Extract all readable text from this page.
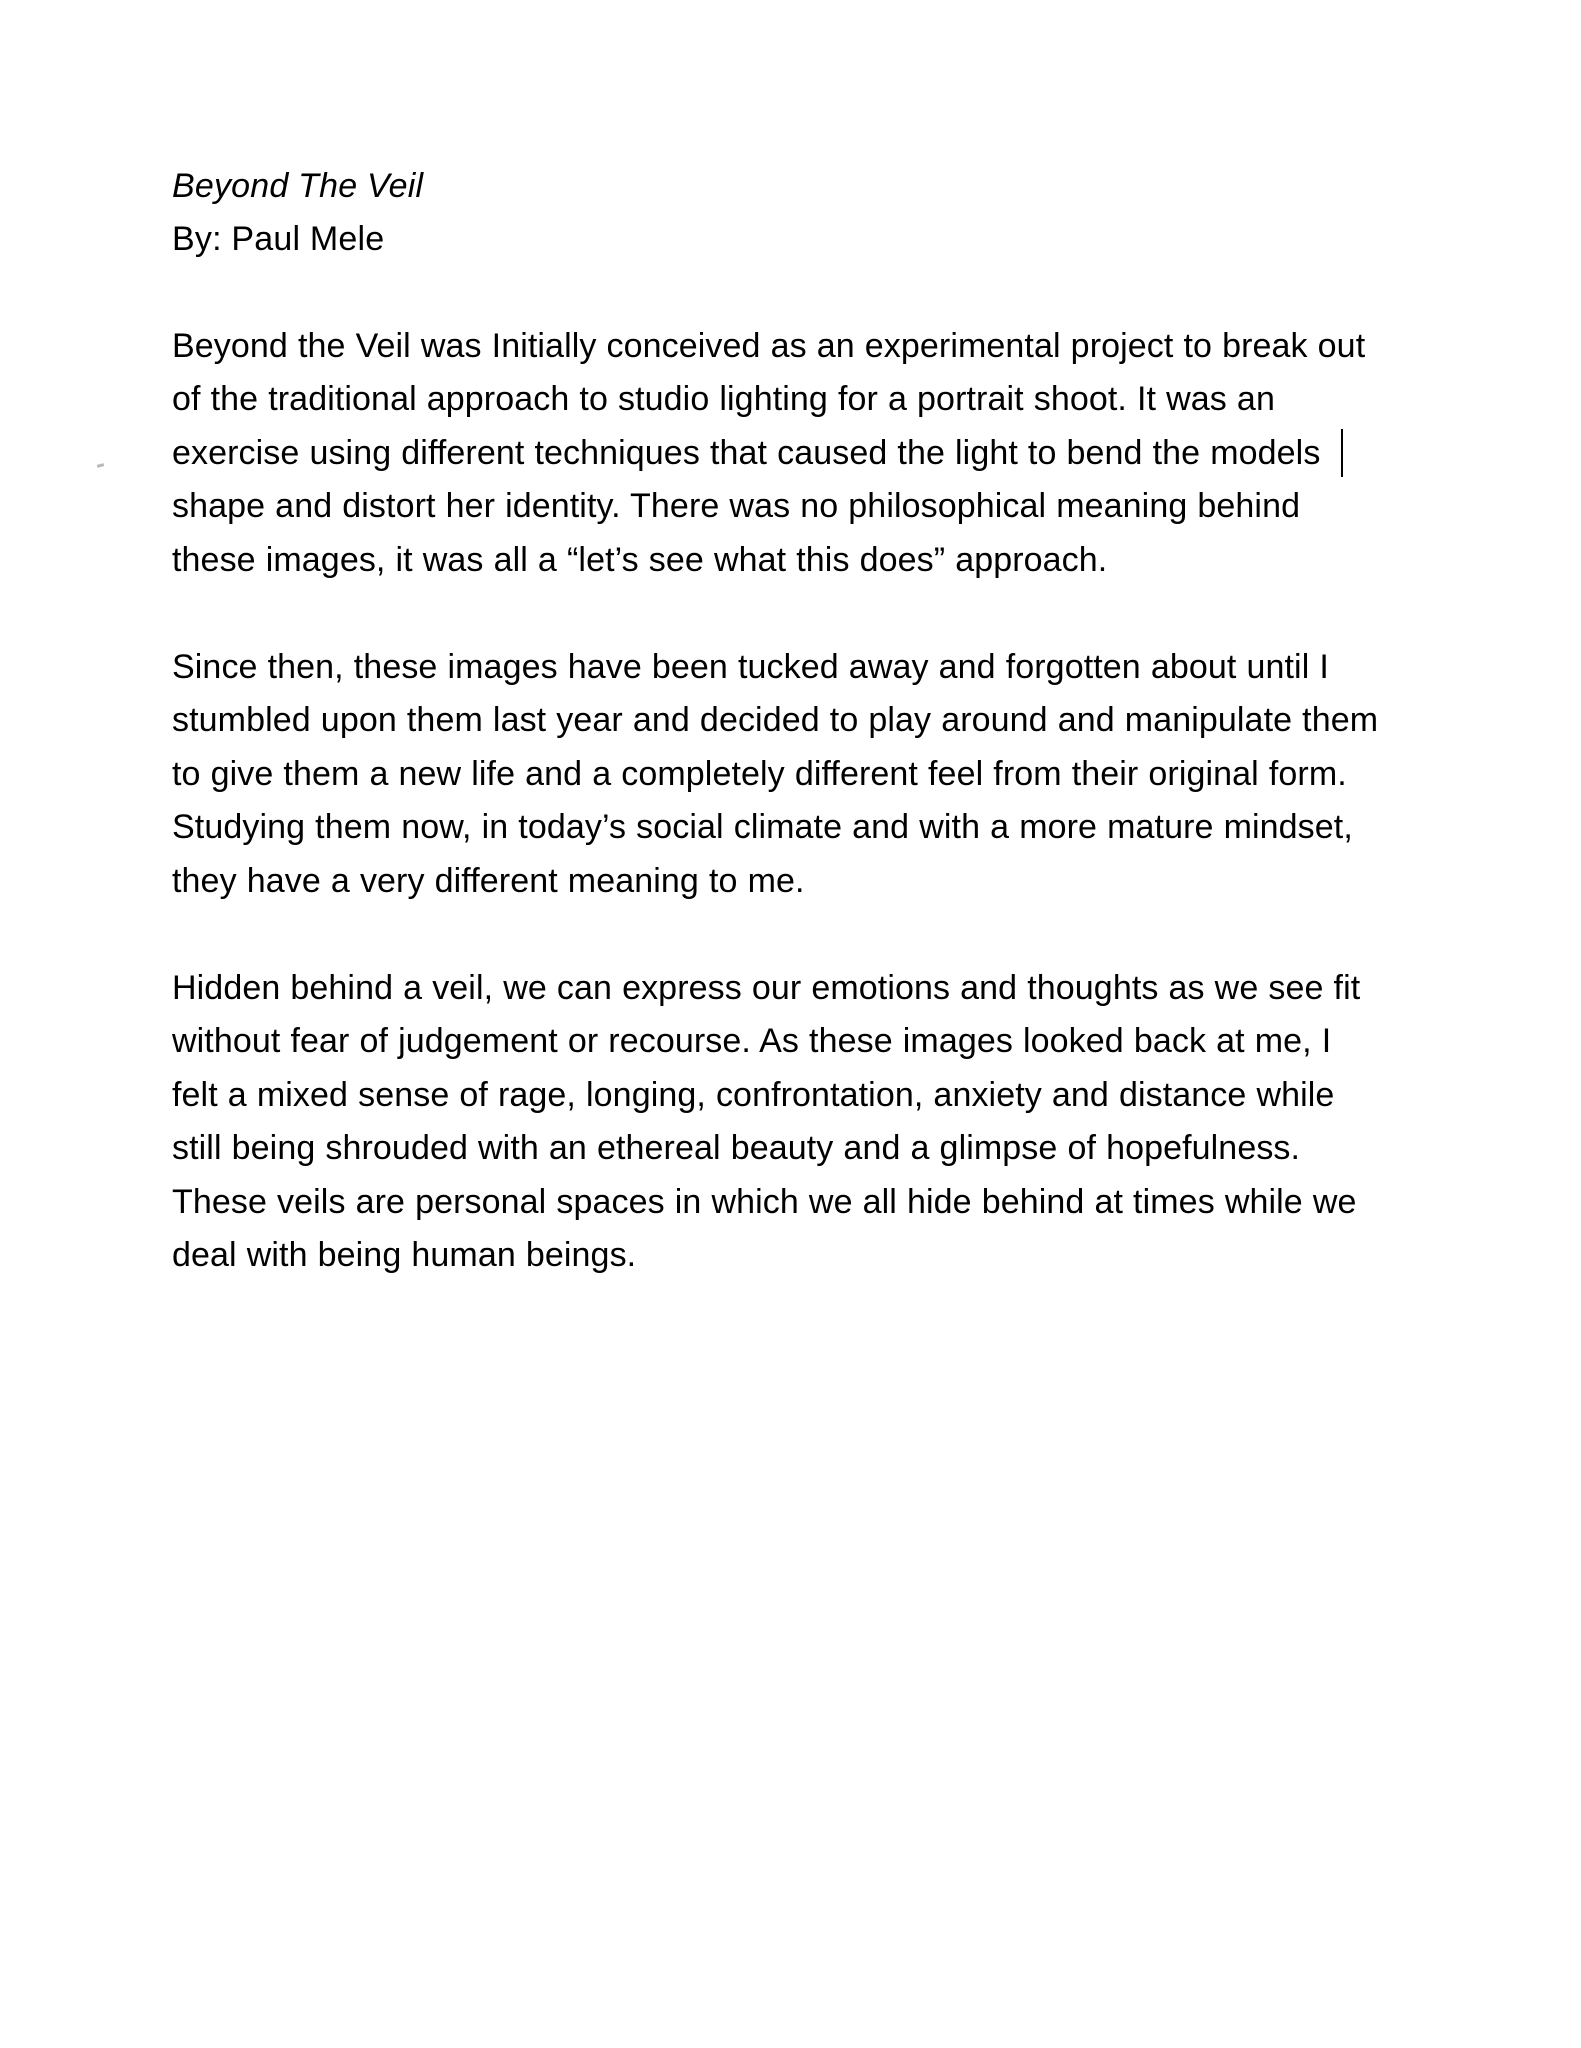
Beyond The Veil
By: Paul Mele

Beyond the Veil was Initially conceived as an experimental project to break out of the traditional approach to studio lighting for a portrait shoot. It was an exercise using different techniques that caused the light to bend the models shape and distort her identity. There was no philosophical meaning behind these images, it was all a “let’s see what this does” approach.

Since then, these images have been tucked away and forgotten about until I stumbled upon them last year and decided to play around and manipulate them to give them a new life and a completely different feel from their original form. Studying them now, in today’s social climate and with a more mature mindset, they have a very different meaning to me.

Hidden behind a veil, we can express our emotions and thoughts as we see fit without fear of judgement or recourse. As these images looked back at me, I felt a mixed sense of rage, longing, confrontation, anxiety and distance while still being shrouded with an ethereal beauty and a glimpse of hopefulness. These veils are personal spaces in which we all hide behind at times while we deal with being human beings.
